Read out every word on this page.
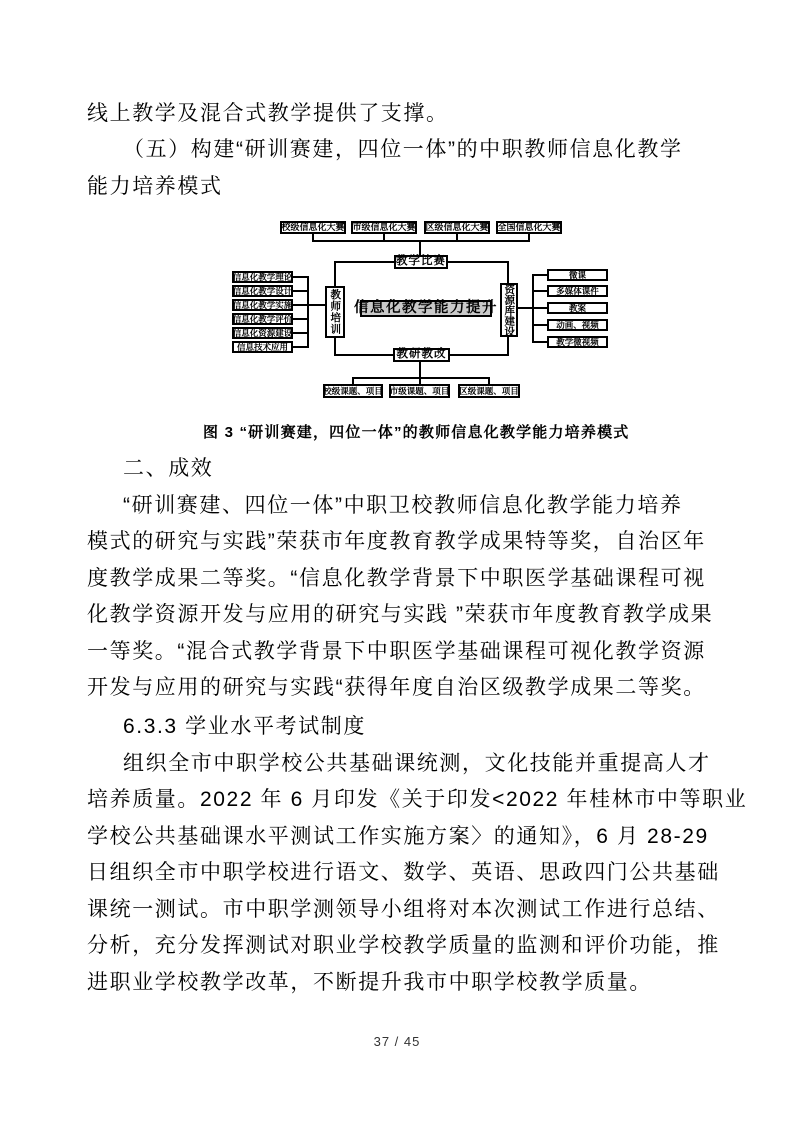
线上教学及混合式教学提供了支撑。
（五）构建“研训赛建，四位一体”的中职教师信息化教学
能力培养模式
校级信息化大赛 市级信息化大赛 区级信息化大赛 全国信息化大赛
教学比赛
教师培训	资源库建设
信息化教学能力提升
教研教改
信息化教学理论
信息化教学设计
信息化教学实施
信息化教学评价
信息化资源建设
信息技术应用
微课
多媒体课件
教案
动画、视频
教学微视频
校级课题、项目 市级课题、项目 区级课题、项目
图 3 “研训赛建，四位一体”的教师信息化教学能力培养模式
二、成效
“研训赛建、四位一体”中职卫校教师信息化教学能力培养
模式的研究与实践”荣获市年度教育教学成果特等奖，自治区年
度教学成果二等奖。“信息化教学背景下中职医学基础课程可视
化教学资源开发与应用的研究与实践 ”荣获市年度教育教学成果
一等奖。“混合式教学背景下中职医学基础课程可视化教学资源
开发与应用的研究与实践“获得年度自治区级教学成果二等奖。
6.3.3 学业水平考试制度
组织全市中职学校公共基础课统测，文化技能并重提高人才
培养质量。2022 年 6 月印发《关于印发<2022 年桂林市中等职业
学校公共基础课水平测试工作实施方案〉的通知》，6 月 28-29
日组织全市中职学校进行语文、数学、英语、思政四门公共基础
课统一测试。市中职学测领导小组将对本次测试工作进行总结、
分析，充分发挥测试对职业学校教学质量的监测和评价功能，推
进职业学校教学改革，不断提升我市中职学校教学质量。
37 / 45
